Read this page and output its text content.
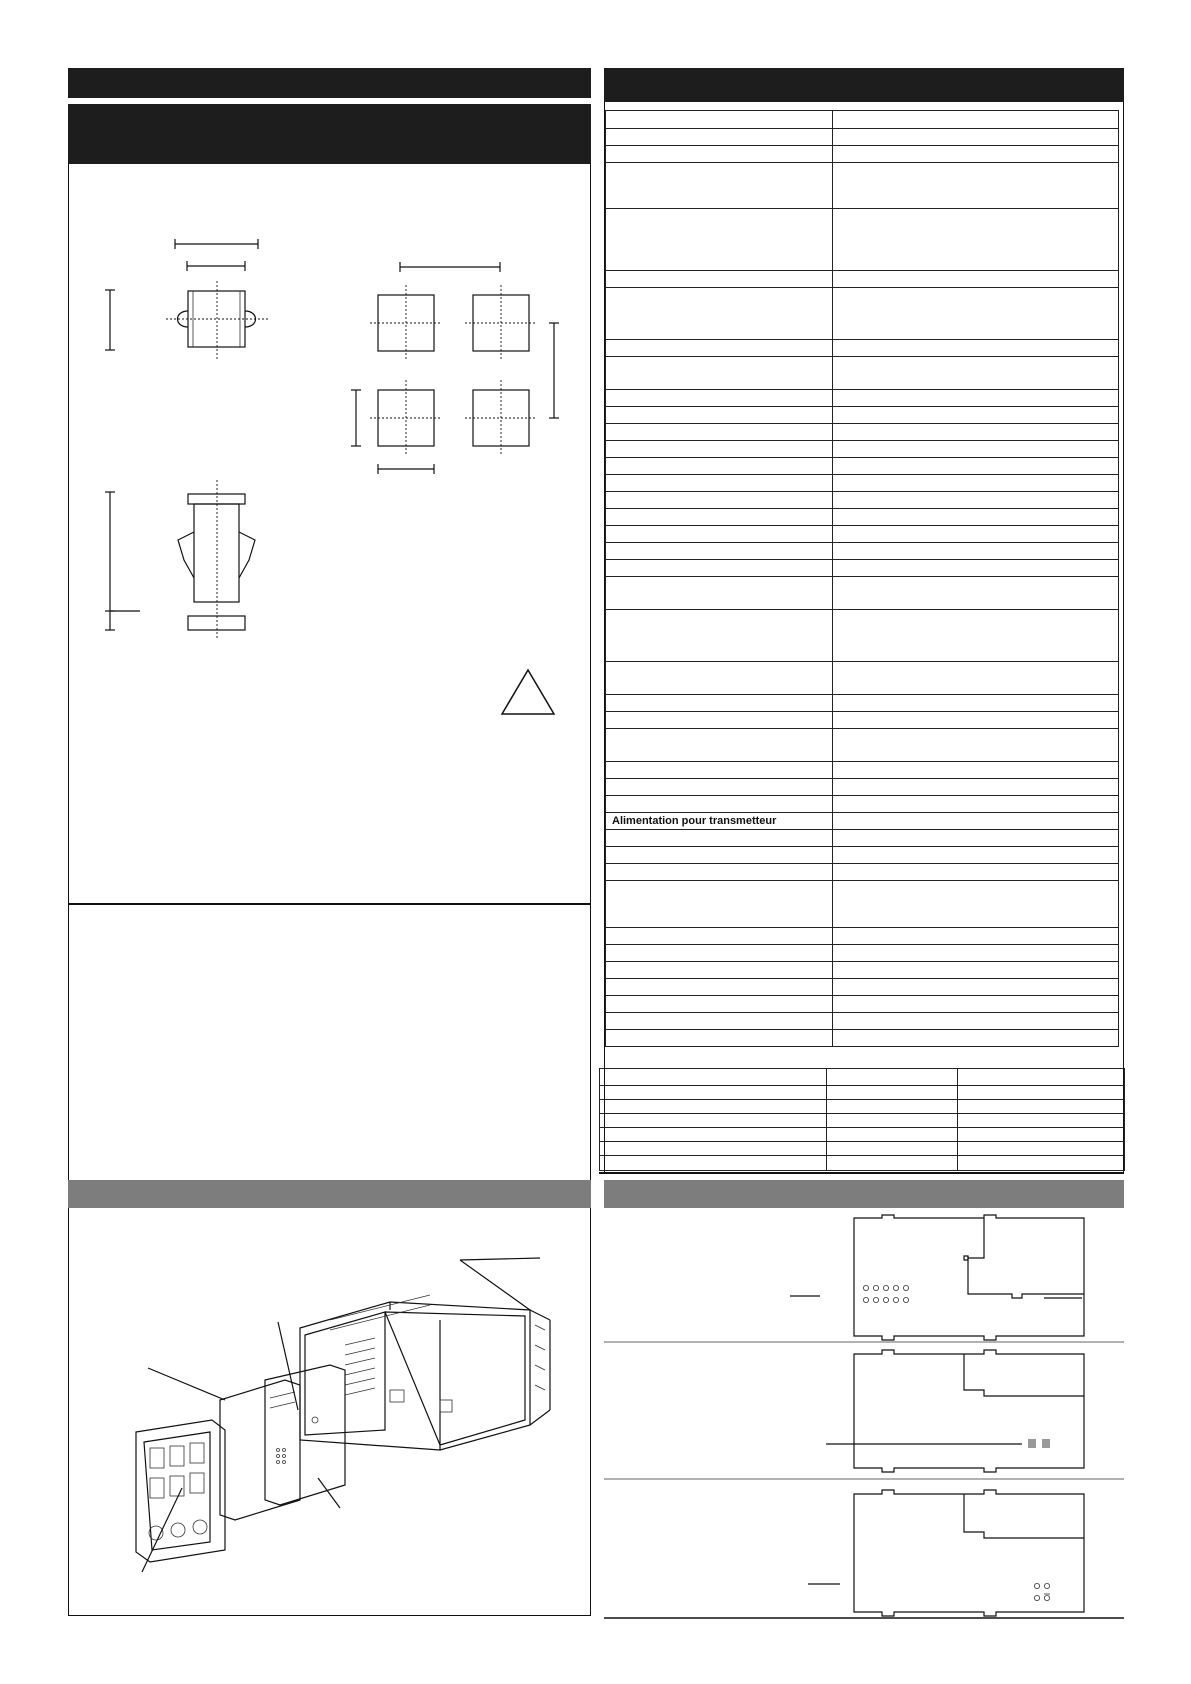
Alimentation pour transmetteur	
